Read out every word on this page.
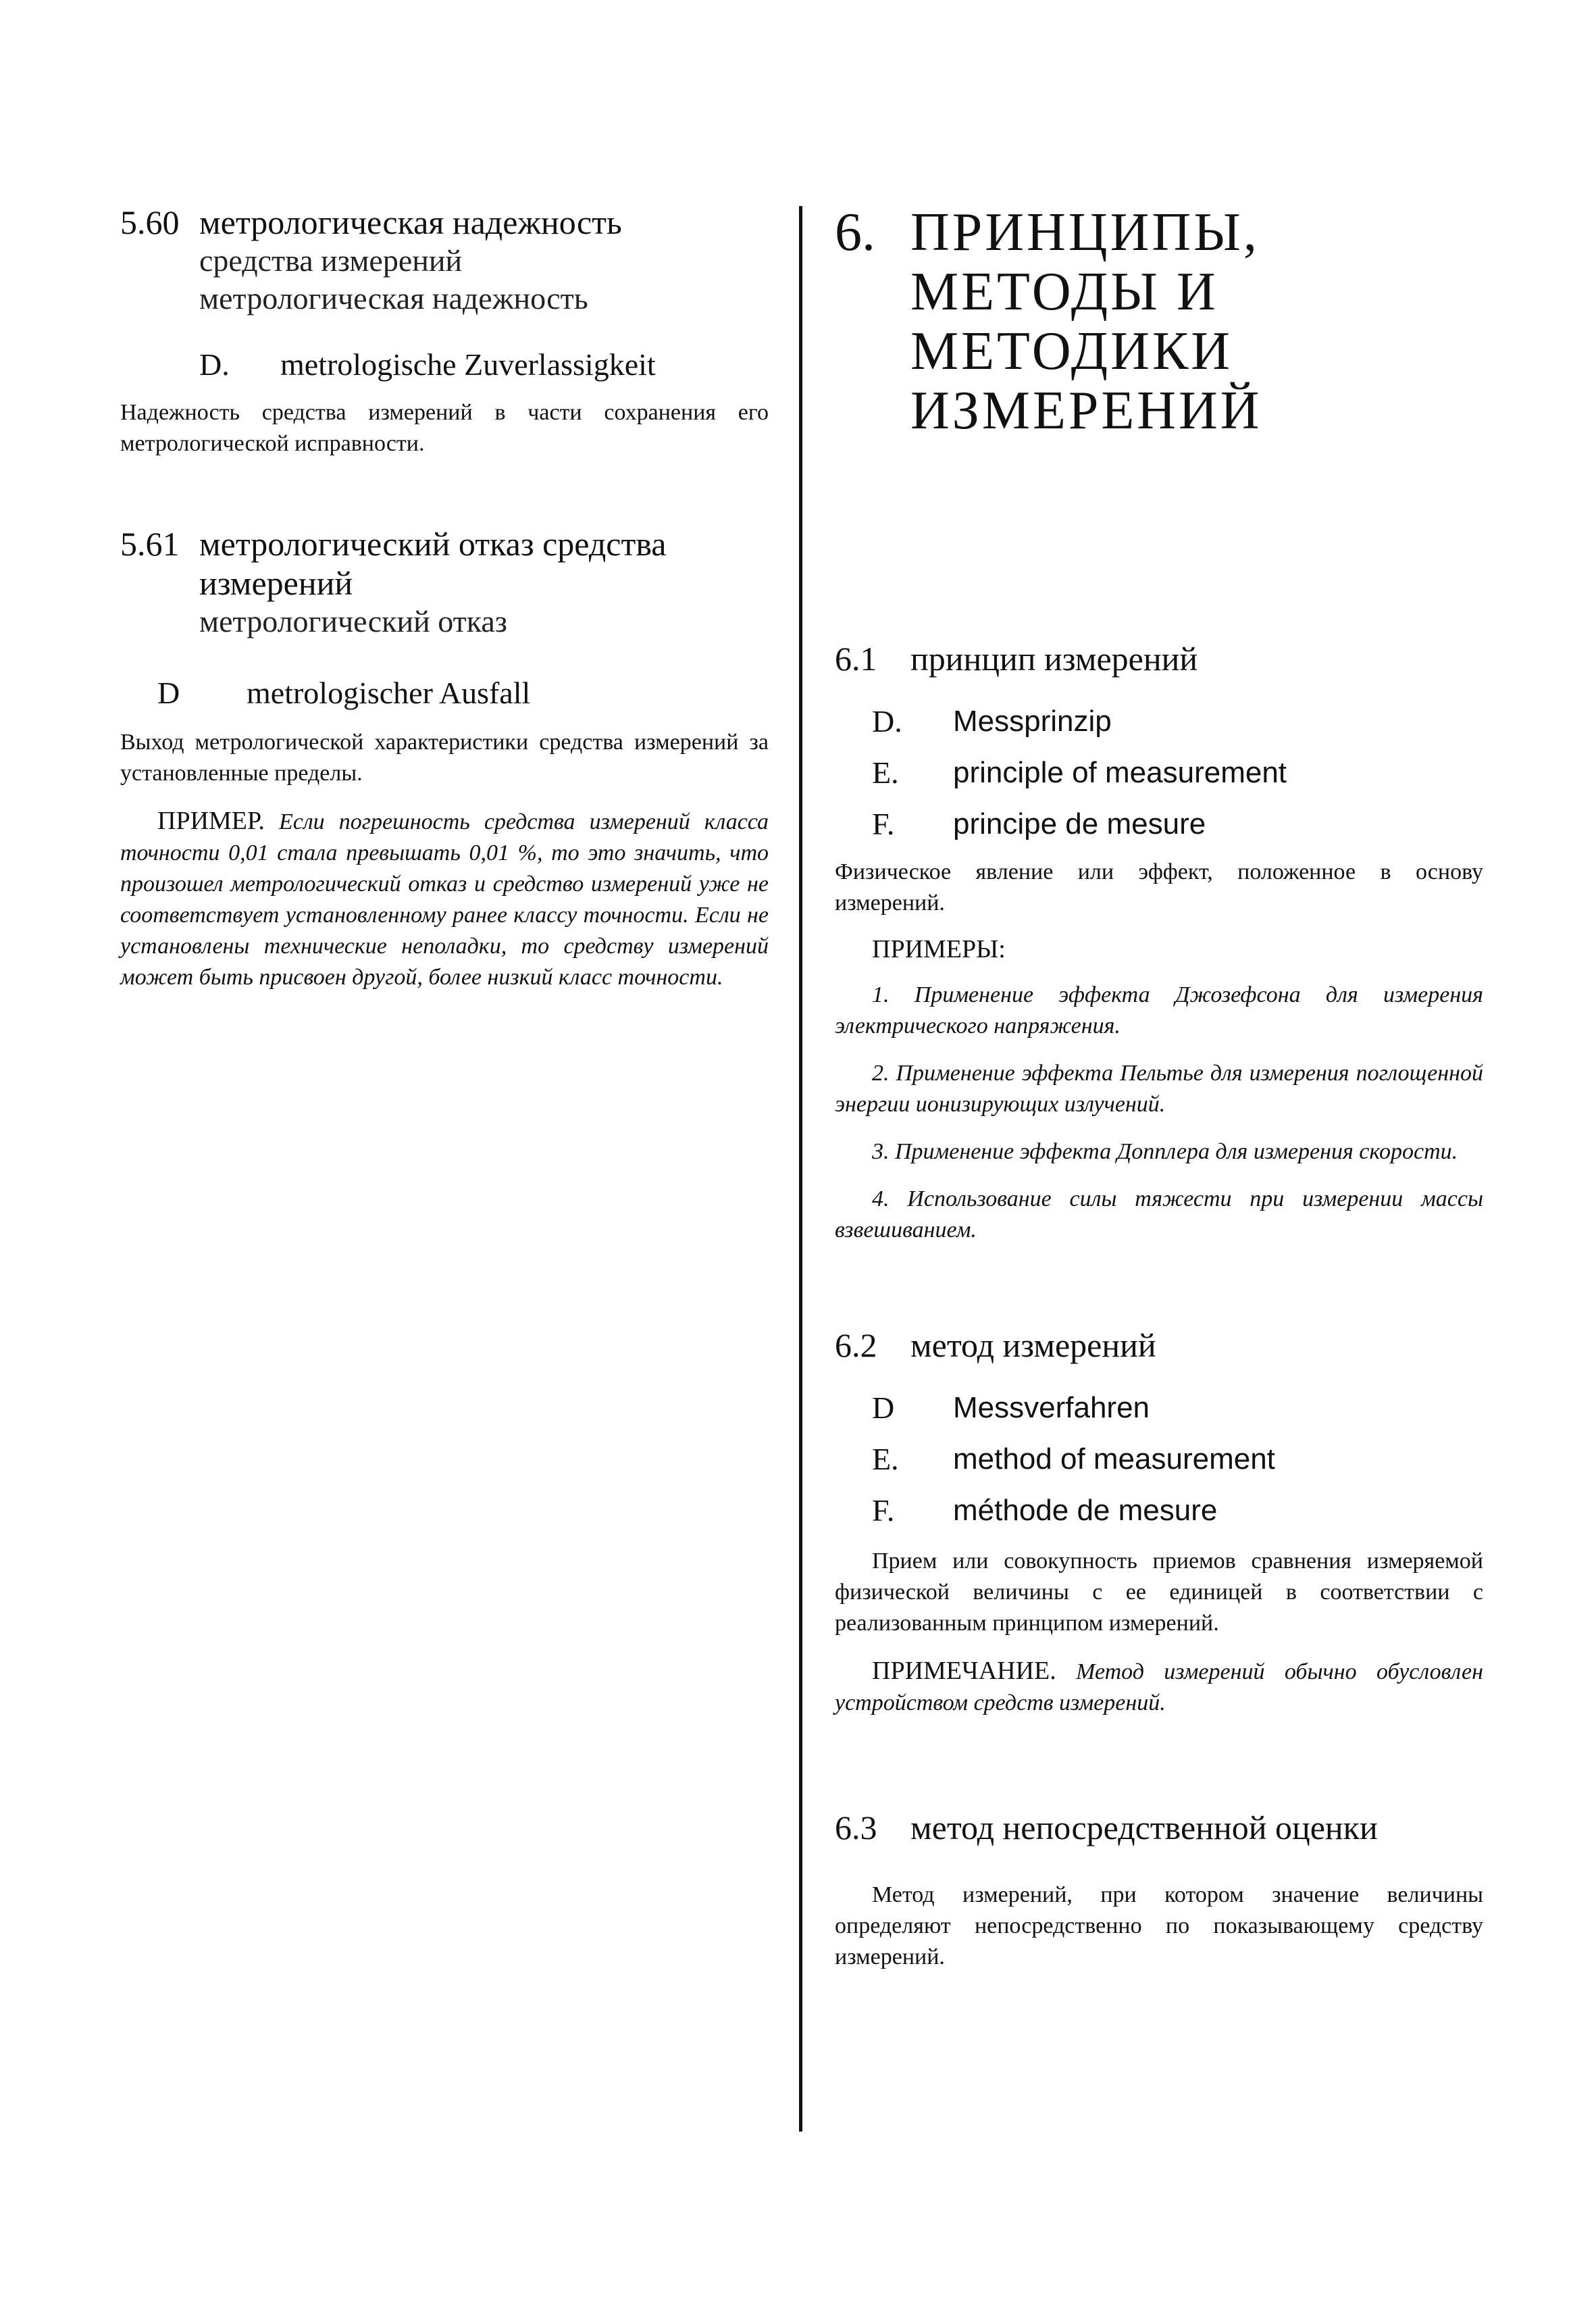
5.60 метрологическая надежность
средства измерений
метрологическая надежность
D.	metrologische Zuverlassigkeit

Надежность средства измерений в части сохранения его метрологической исправности.

5.61 метрологический отказ средства
измерений
метрологический отказ
D	metrologischer Ausfall

Выход метрологической характеристики средства измерений за установленные пределы.

ПРИМЕР. Если погрешность средства измерений класса точности 0,01 стала превышать 0,01 %, то это значить, что произошел метрологический отказ и средство измерений уже не соответствует установленному ранее классу точности. Если не установлены технические неполадки, то средству измерений может быть присвоен другой, более низкий класс точности.

6. ПРИНЦИПЫ,
МЕТОДЫ И
МЕТОДИКИ
ИЗМЕРЕНИЙ
6.1 принцип измерений
D.	Messprinzip
E.	principle of measurement
F.	principe de mesure

Физическое явление или эффект, положенное в основу измерений.

ПРИМЕРЫ:

1. Применение эффекта Джозефсона для измерения электрического напряжения.

2. Применение эффекта Пельтье для измерения поглощенной энергии ионизирующих излучений.

3. Применение эффекта Допплера для измерения скорости.

4. Использование силы тяжести при измерении массы взвешиванием.

6.2 метод измерений
D	Messverfahren
E.	method of measurement
F.	méthode de mesure

Прием или совокупность приемов сравнения измеряемой физической величины с ее единицей в соответствии с реализованным принципом измерений.

ПРИМЕЧАНИЕ. Метод измерений обычно обусловлен устройством средств измерений.

6.3 метод непосредственной оценки

Метод измерений, при котором значение величины определяют непосредственно по показывающему средству измерений.
